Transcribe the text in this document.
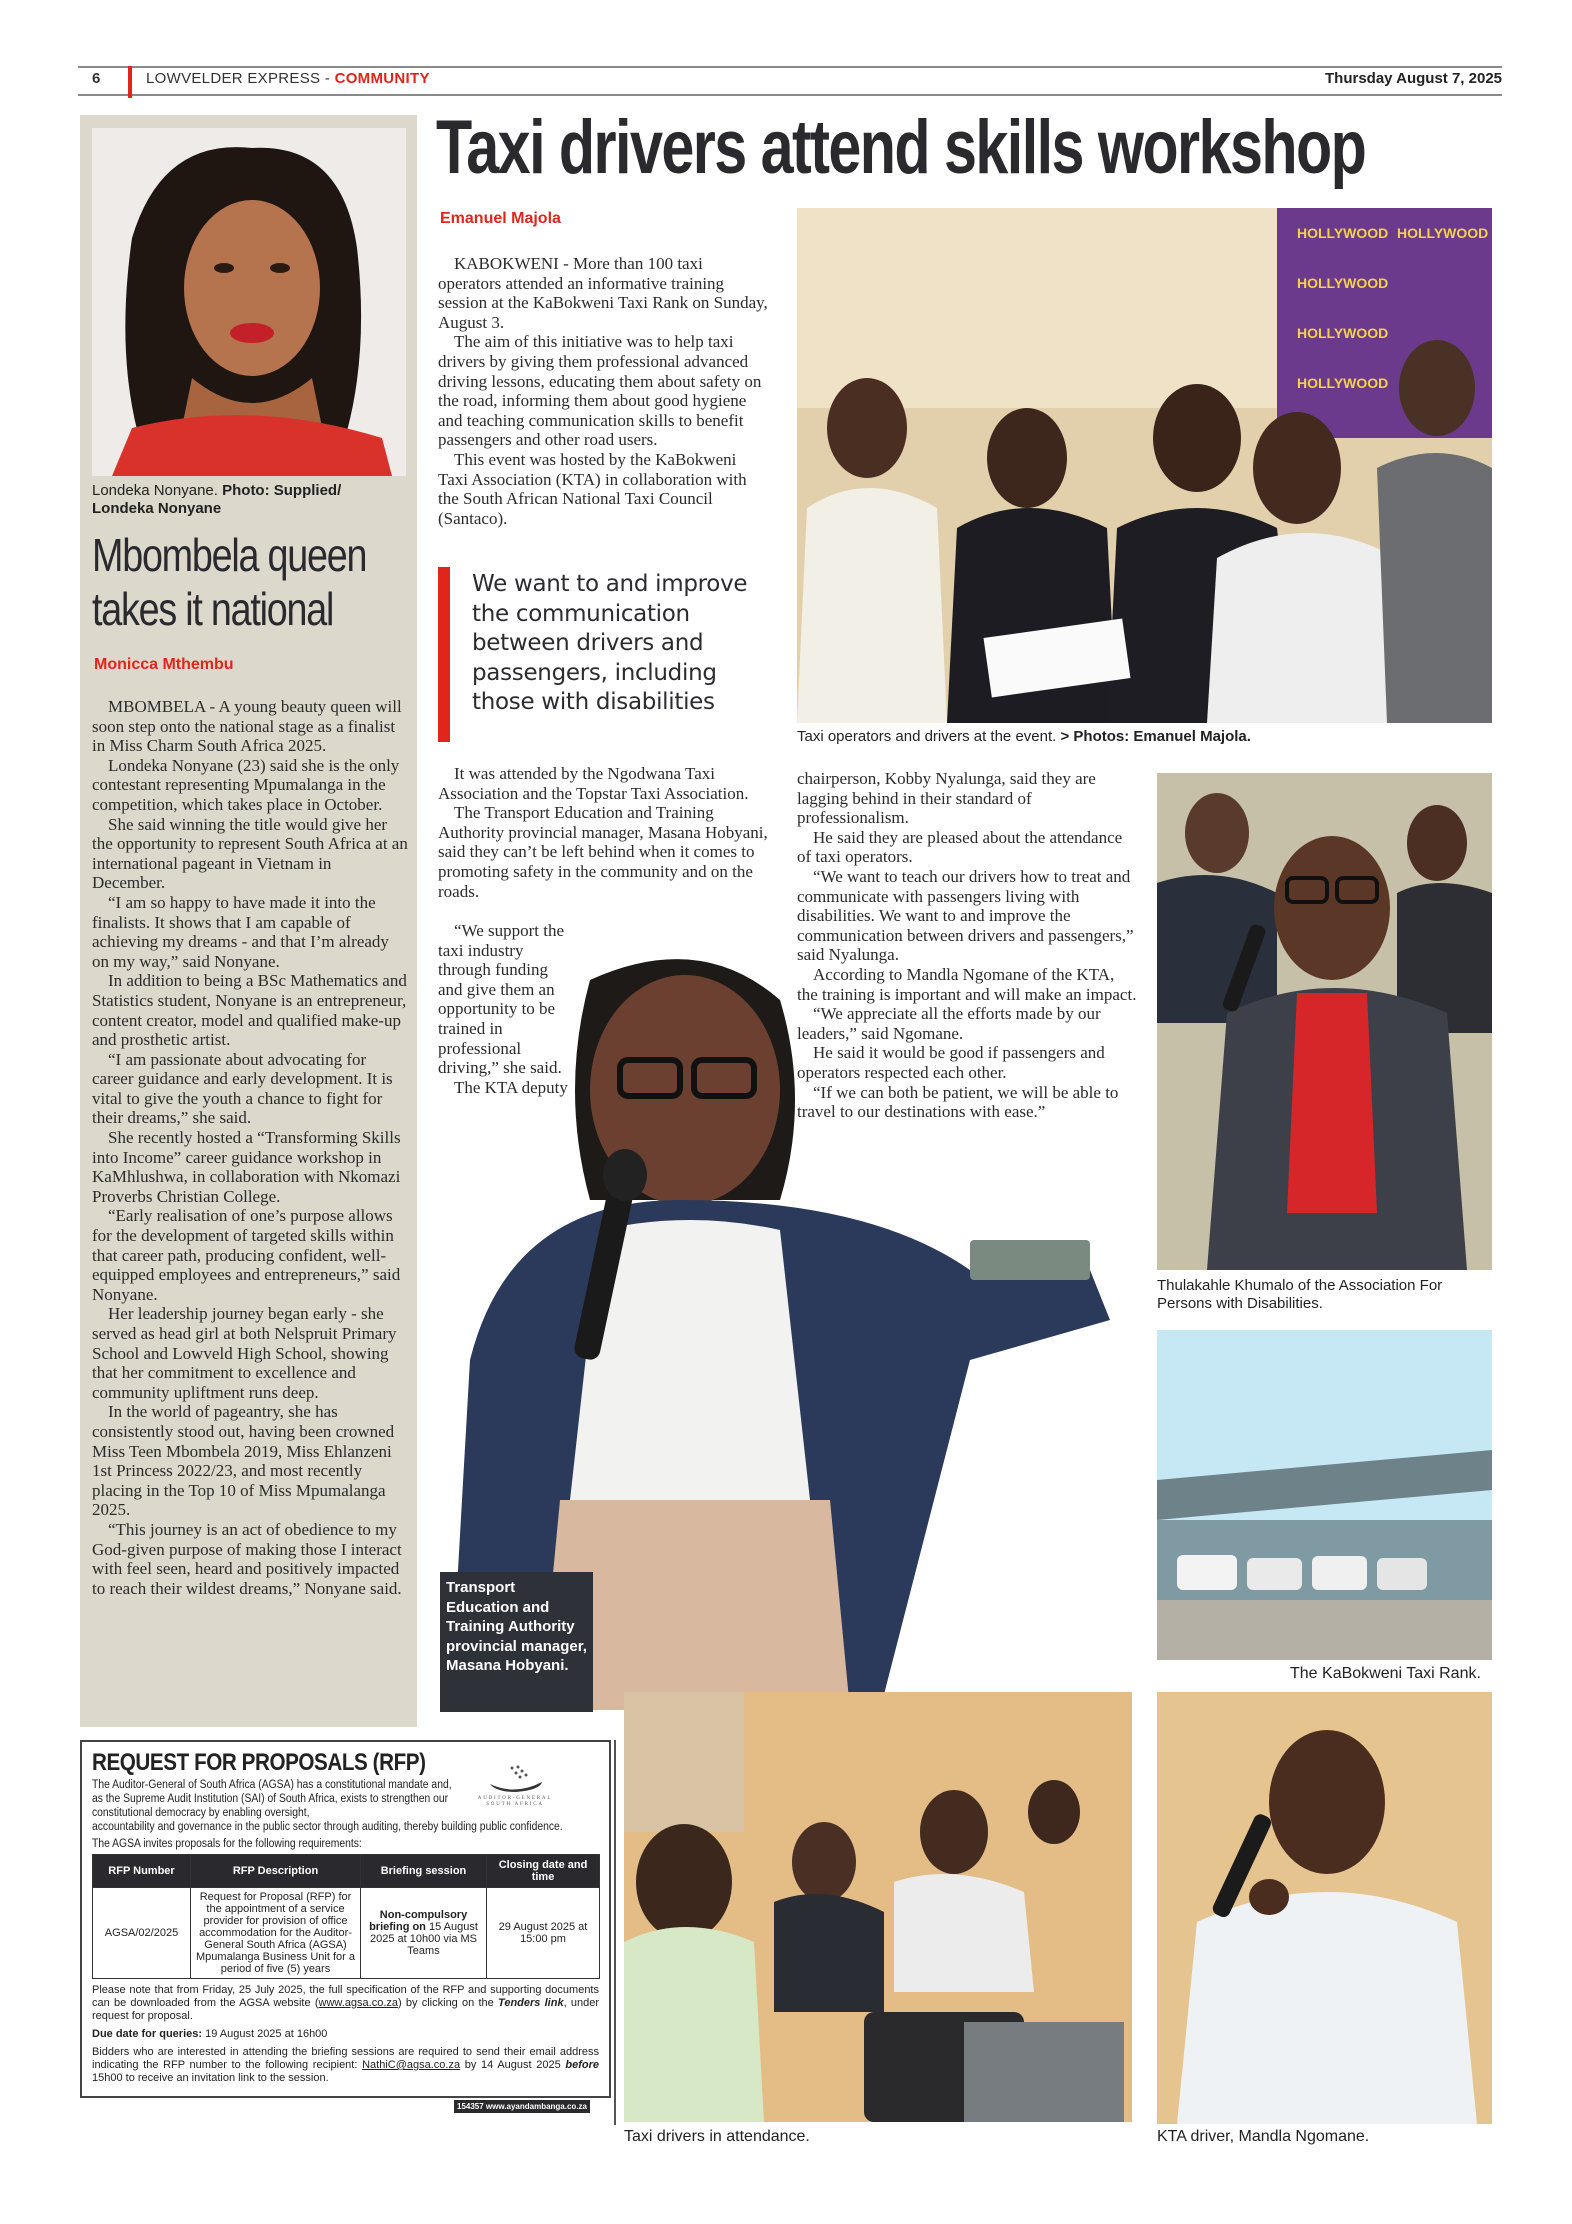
6	LOWVELDER EXPRESS - COMMUNITY	Thursday August 7, 2025
Londeka Nonyane. Photo: Supplied/ Londeka Nonyane
Mbombela queen takes it national
Monicca Mthembu

MBOMBELA - A young beauty queen will soon step onto the national stage as a finalist in Miss Charm South Africa 2025.

Londeka Nonyane (23) said she is the only contestant representing Mpumalanga in the competition, which takes place in October.

She said winning the title would give her the opportunity to represent South Africa at an international pageant in Vietnam in December.

“I am so happy to have made it into the finalists. It shows that I am capable of achieving my dreams - and that I’m already on my way,” said Nonyane.

In addition to being a BSc Mathematics and Statistics student, Nonyane is an entrepreneur, content creator, model and qualified make-up and prosthetic artist.

“I am passionate about advocating for career guidance and early development. It is vital to give the youth a chance to fight for their dreams,” she said.

She recently hosted a “Transforming Skills into Income” career guidance workshop in KaMhlushwa, in collaboration with Nkomazi Proverbs Christian College.

“Early realisation of one’s purpose allows for the development of targeted skills within that career path, producing confident, well-equipped employees and entrepreneurs,” said Nonyane.

Her leadership journey began early - she served as head girl at both Nelspruit Primary School and Lowveld High School, showing that her commitment to excellence and community upliftment runs deep.

In the world of pageantry, she has consistently stood out, having been crowned Miss Teen Mbombela 2019, Miss Ehlanzeni 1st Princess 2022/23, and most recently placing in the Top 10 of Miss Mpumalanga 2025.

“This journey is an act of obedience to my God-given purpose of making those I interact with feel seen, heard and positively impacted to reach their wildest dreams,” Nonyane said.

Taxi drivers attend skills workshop
Emanuel Majola

KABOKWENI - More than 100 taxi operators attended an informative training session at the KaBokweni Taxi Rank on Sunday, August 3.

The aim of this initiative was to help taxi drivers by giving them professional advanced driving lessons, educating them about safety on the road, informing them about good hygiene and teaching communication skills to benefit passengers and other road users.

This event was hosted by the KaBokweni Taxi Association (KTA) in collaboration with the South African National Taxi Council (Santaco).

We want to and improve the communication between drivers and passengers, including those with disabilities

It was attended by the Ngodwana Taxi Association and the Topstar Taxi Association.

The Transport Education and Training Authority provincial manager, Masana Hobyani, said they can’t be left behind when it comes to promoting safety in the community and on the roads.

“We support the taxi industry through funding and give them an opportunity to be trained in professional driving,” she said.

The KTA deputy

chairperson, Kobby Nyalunga, said they are lagging behind in their standard of professionalism.

He said they are pleased about the attendance of taxi operators.

“We want to teach our drivers how to treat and communicate with passengers living with disabilities. We want to and improve the communication between drivers and passengers,” said Nyalunga.

According to Mandla Ngomane of the KTA, the training is important and will make an impact.

“We appreciate all the efforts made by our leaders,” said Ngomane.

He said it would be good if passengers and operators respected each other.

“If we can both be patient, we will be able to travel to our destinations with ease.”

HOLLYWOOD HOLLYWOOD
HOLLYWOOD
HOLLYWOOD
HOLLYWOOD
Taxi operators and drivers at the event. > Photos: Emanuel Majola.
Thulakahle Khumalo of the Association For Persons with Disabilities.
The KaBokweni Taxi Rank.
Transport Education and Training Authority provincial manager, Masana Hobyani.
Taxi drivers in attendance.	KTA driver, Mandla Ngomane.
REQUEST FOR PROPOSALS (RFP)
The Auditor-General of South Africa (AGSA) has a constitutional mandate and, as the Supreme Audit Institution (SAI) of South Africa, exists to strengthen our constitutional democracy by enabling oversight,
accountability and governance in the public sector through auditing, thereby building public confidence.
The AGSA invites proposals for the following requirements:
RFP Number	RFP Description	Briefing session	Closing date and time
AGSA/02/2025	Request for Proposal (RFP) for the appointment of a service provider for provision of office accommodation for the Auditor-General South Africa (AGSA) Mpumalanga Business Unit for a period of five (5) years	Non-compulsory briefing on 15 August 2025 at 10h00 via MS Teams	29 August 2025 at 15:00 pm
Please note that from Friday, 25 July 2025, the full specification of the RFP and supporting documents can be downloaded from the AGSA website (www.agsa.co.za) by clicking on the Tenders link, under request for proposal.
Due date for queries: 19 August 2025 at 16h00
Bidders who are interested in attending the briefing sessions are required to send their email address indicating the RFP number to the following recipient: NathiC@agsa.co.za by 14 August 2025 before 15h00 to receive an invitation link to the session.
AUDITOR-GENERAL
SOUTH AFRICA
154357 www.ayandambanga.co.za
